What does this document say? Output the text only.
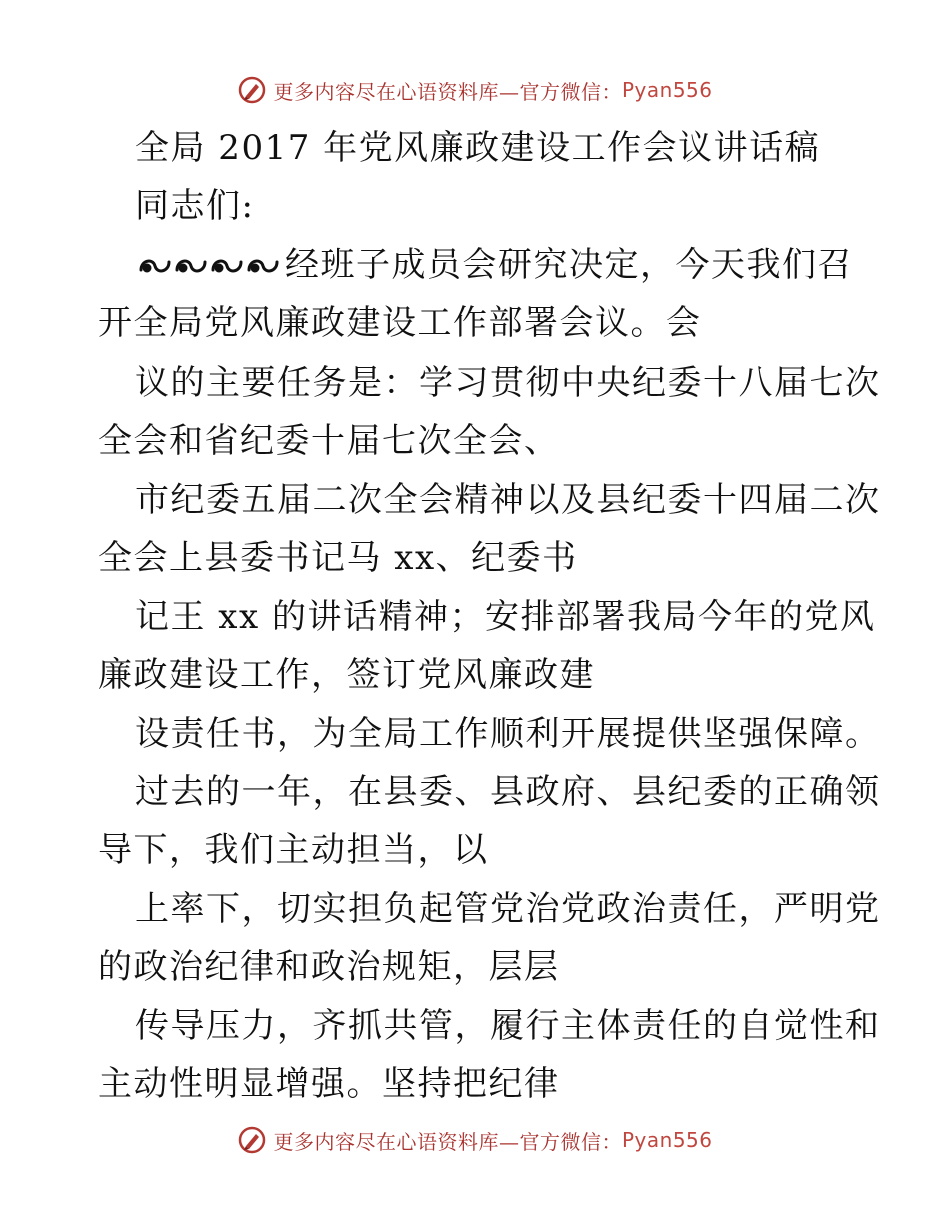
更多内容尽在心语资料库—官方微信： Pyan556
全局 2017 年党风廉政建设工作会议讲话稿
同志们:
经班子成员会研究决定，今天我们召
开全局党风廉政建设工作部署会议。会
议的主要任务是：学习贯彻中央纪委十八届七次
全会和省纪委十届七次全会、
市纪委五届二次全会精神以及县纪委十四届二次
全会上县委书记马 xx、纪委书
记王 xx 的讲话精神；安排部署我局今年的党风
廉政建设工作，签订党风廉政建
设责任书，为全局工作顺利开展提供坚强保障。
过去的一年，在县委、县政府、县纪委的正确领
导下，我们主动担当，以
上率下，切实担负起管党治党政治责任，严明党
的政治纪律和政治规矩，层层
传导压力，齐抓共管，履行主体责任的自觉性和
主动性明显增强。坚持把纪律
更多内容尽在心语资料库—官方微信： Pyan556
